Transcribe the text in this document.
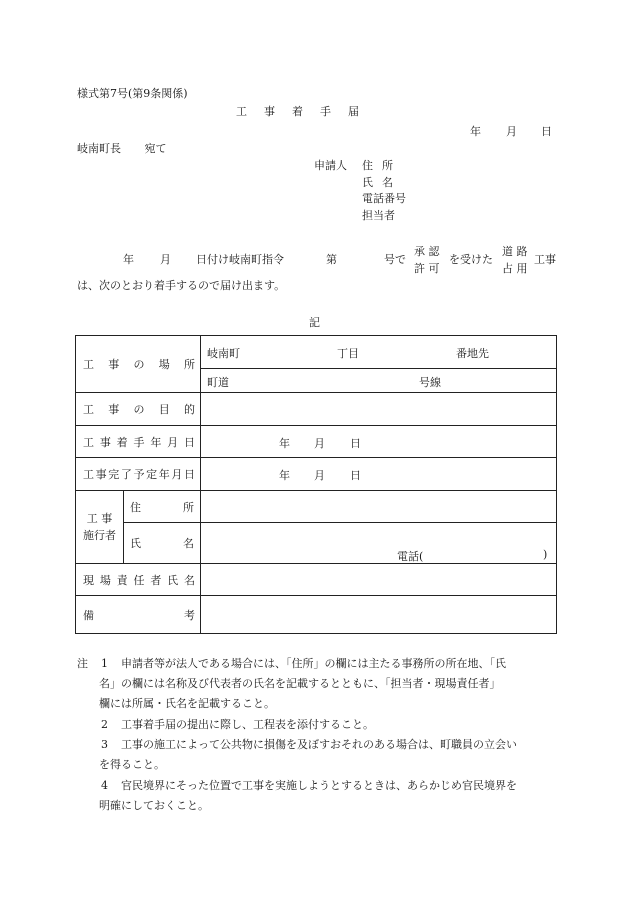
様式第7号(第9条関係)
工事着手届
年 月 日
岐南町長 宛て
申請人 住所
氏名
電話番号
担当者
年 月 日付け岐南町指令	第	号で
承 認
許 可
を受けた
道 路
占 用
工事
は、次のとおり着手するので届け出ます。
記
工事の場所		岐南町 丁目 番地先

		町道 号線

工事の目的		
工事着手年月日		年 月 日

工事完了予定年月日		年 月 日

工 事
施行者	住所	
	氏名	電話( )

現場責任者氏名		
備考		
注 1 申請者等が法人である場合には、「住所」の欄には主たる事務所の所在地、「氏
名」の欄には名称及び代表者の氏名を記載するとともに、「担当者・現場責任者」
欄には所属・氏名を記載すること。
2 工事着手届の提出に際し、工程表を添付すること。
3 工事の施工によって公共物に損傷を及ぼすおそれのある場合は、町職員の立会い
を得ること。
4 官民境界にそった位置で工事を実施しようとするときは、あらかじめ官民境界を
明確にしておくこと。
